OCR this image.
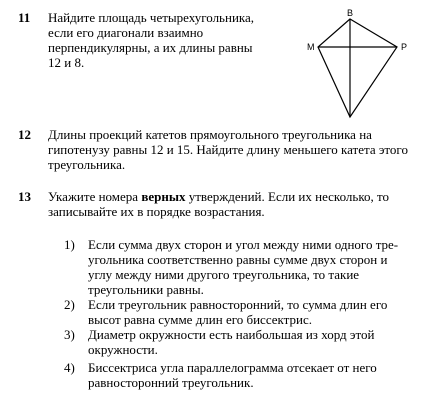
11 Найдите площадь четырехугольника,
если его диагонали взаимно
перпендикулярны, а их длины равны
12 и 8.
B
M	P
12 Длины проекций катетов прямоугольного треугольника на
гипотенузу равны 12 и 15. Найдите длину меньшего катета этого
треугольника.
13 Укажите номера верных утверждений. Если их несколько, то
записывайте их в порядке возрастания.
1) Если сумма двух сторон и угол между ними одного тре-
угольника соответственно равны сумме двух сторон и
углу между ними другого треугольника, то такие
треугольники равны.
2) Если треугольник равносторонний, то сумма длин его
высот равна сумме длин его биссектрис.
3) Диаметр окружности есть наибольшая из хорд этой
окружности.
4) Биссектриса угла параллелограмма отсекает от него
равносторонний треугольник.
